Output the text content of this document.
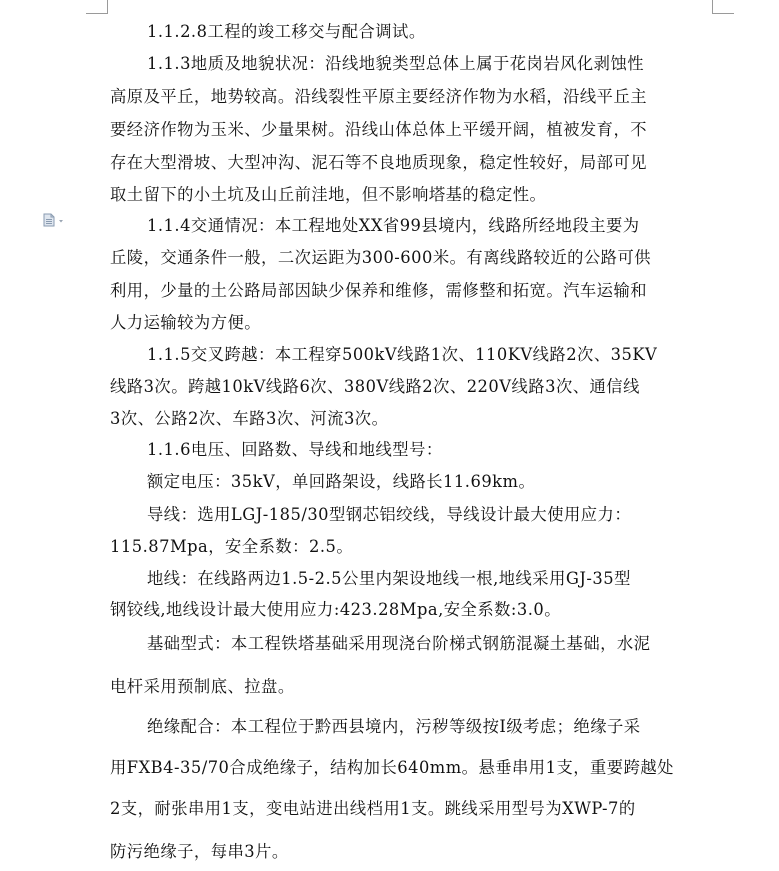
1.1.2.8工程的竣工移交与配合调试。
1.1.3地质及地貌状况：沿线地貌类型总体上属于花岗岩风化剥蚀性
高原及平丘，地势较高。沿线裂性平原主要经济作物为水稻，沿线平丘主
要经济作物为玉米、少量果树。沿线山体总体上平缓开阔，植被发育，不
存在大型滑坡、大型冲沟、泥石等不良地质现象，稳定性较好，局部可见
取土留下的小土坑及山丘前洼地，但不影响塔基的稳定性。
1.1.4交通情况：本工程地处XX省99县境内，线路所经地段主要为
丘陵，交通条件一般，二次运距为300-600米。有离线路较近的公路可供
利用，少量的土公路局部因缺少保养和维修，需修整和拓宽。汽车运输和
人力运输较为方便。
1.1.5交叉跨越：本工程穿500kV线路1次、110KV线路2次、35KV
线路3次。跨越10kV线路6次、380V线路2次、220V线路3次、通信线
3次、公路2次、车路3次、河流3次。
1.1.6电压、回路数、导线和地线型号：
额定电压：35kV，单回路架设，线路长11.69km。
导线：选用LGJ-185/30型钢芯铝绞线，导线设计最大使用应力：
115.87Mpa，安全系数：2.5。
地线：在线路两边1.5-2.5公里内架设地线一根,地线采用GJ-35型
钢铰线,地线设计最大使用应力:423.28Mpa,安全系数:3.0。
基础型式：本工程铁塔基础采用现浇台阶梯式钢筋混凝土基础，水泥
电杆采用预制底、拉盘。
绝缘配合：本工程位于黔西县境内，污秽等级按I级考虑；绝缘子采
用FXB4-35/70合成绝缘子，结构加长640mm。悬垂串用1支，重要跨越处
2支，耐张串用1支，变电站进出线档用1支。跳线采用型号为XWP-7的
防污绝缘子，每串3片。
